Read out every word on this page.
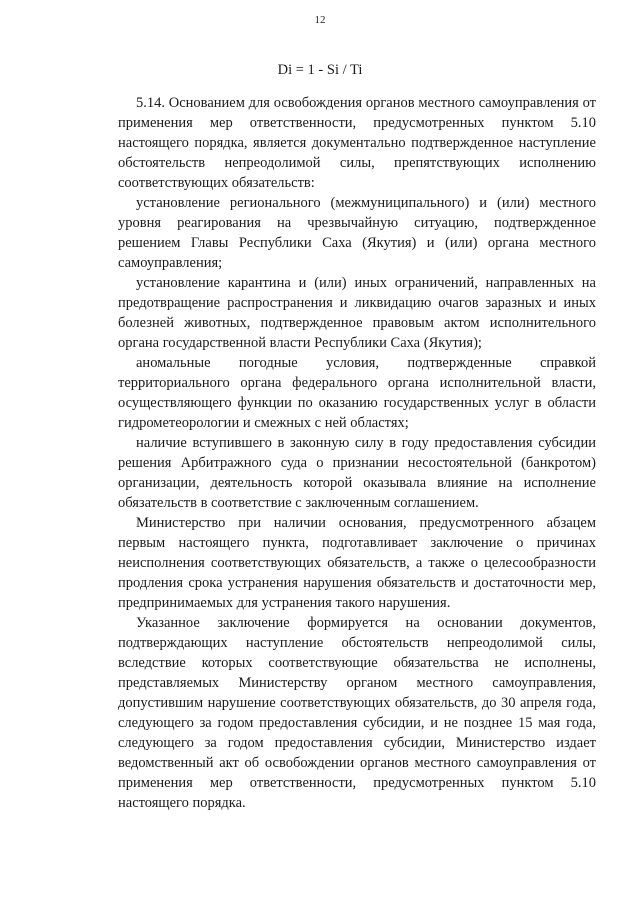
12
Di = 1 - Si / Ti

5.14. Основанием для освобождения органов местного самоуправления от применения мер ответственности, предусмотренных пунктом 5.10 настоящего порядка, является документально подтвержденное наступление обстоятельств непреодолимой силы, препятствующих исполнению соответствующих обязательств:

установление регионального (межмуниципального) и (или) местного уровня реагирования на чрезвычайную ситуацию, подтвержденное решением Главы Республики Саха (Якутия) и (или) органа местного самоуправления;

установление карантина и (или) иных ограничений, направленных на предотвращение распространения и ликвидацию очагов заразных и иных болезней животных, подтвержденное правовым актом исполнительного органа государственной власти Республики Саха (Якутия);

аномальные погодные условия, подтвержденные справкой территориального органа федерального органа исполнительной власти, осуществляющего функции по оказанию государственных услуг в области гидрометеорологии и смежных с ней областях;

наличие вступившего в законную силу в году предоставления субсидии решения Арбитражного суда о признании несостоятельной (банкротом) организации, деятельность которой оказывала влияние на исполнение обязательств в соответствие с заключенным соглашением.

Министерство при наличии основания, предусмотренного абзацем первым настоящего пункта, подготавливает заключение о причинах неисполнения соответствующих обязательств, а также о целесообразности продления срока устранения нарушения обязательств и достаточности мер, предпринимаемых для устранения такого нарушения.

Указанное заключение формируется на основании документов, подтверждающих наступление обстоятельств непреодолимой силы, вследствие которых соответствующие обязательства не исполнены, представляемых Министерству органом местного самоуправления, допустившим нарушение соответствующих обязательств, до 30 апреля года, следующего за годом предоставления субсидии, и не позднее 15 мая года, следующего за годом предоставления субсидии, Министерство издает ведомственный акт об освобождении органов местного самоуправления от применения мер ответственности, предусмотренных пунктом 5.10 настоящего порядка.
